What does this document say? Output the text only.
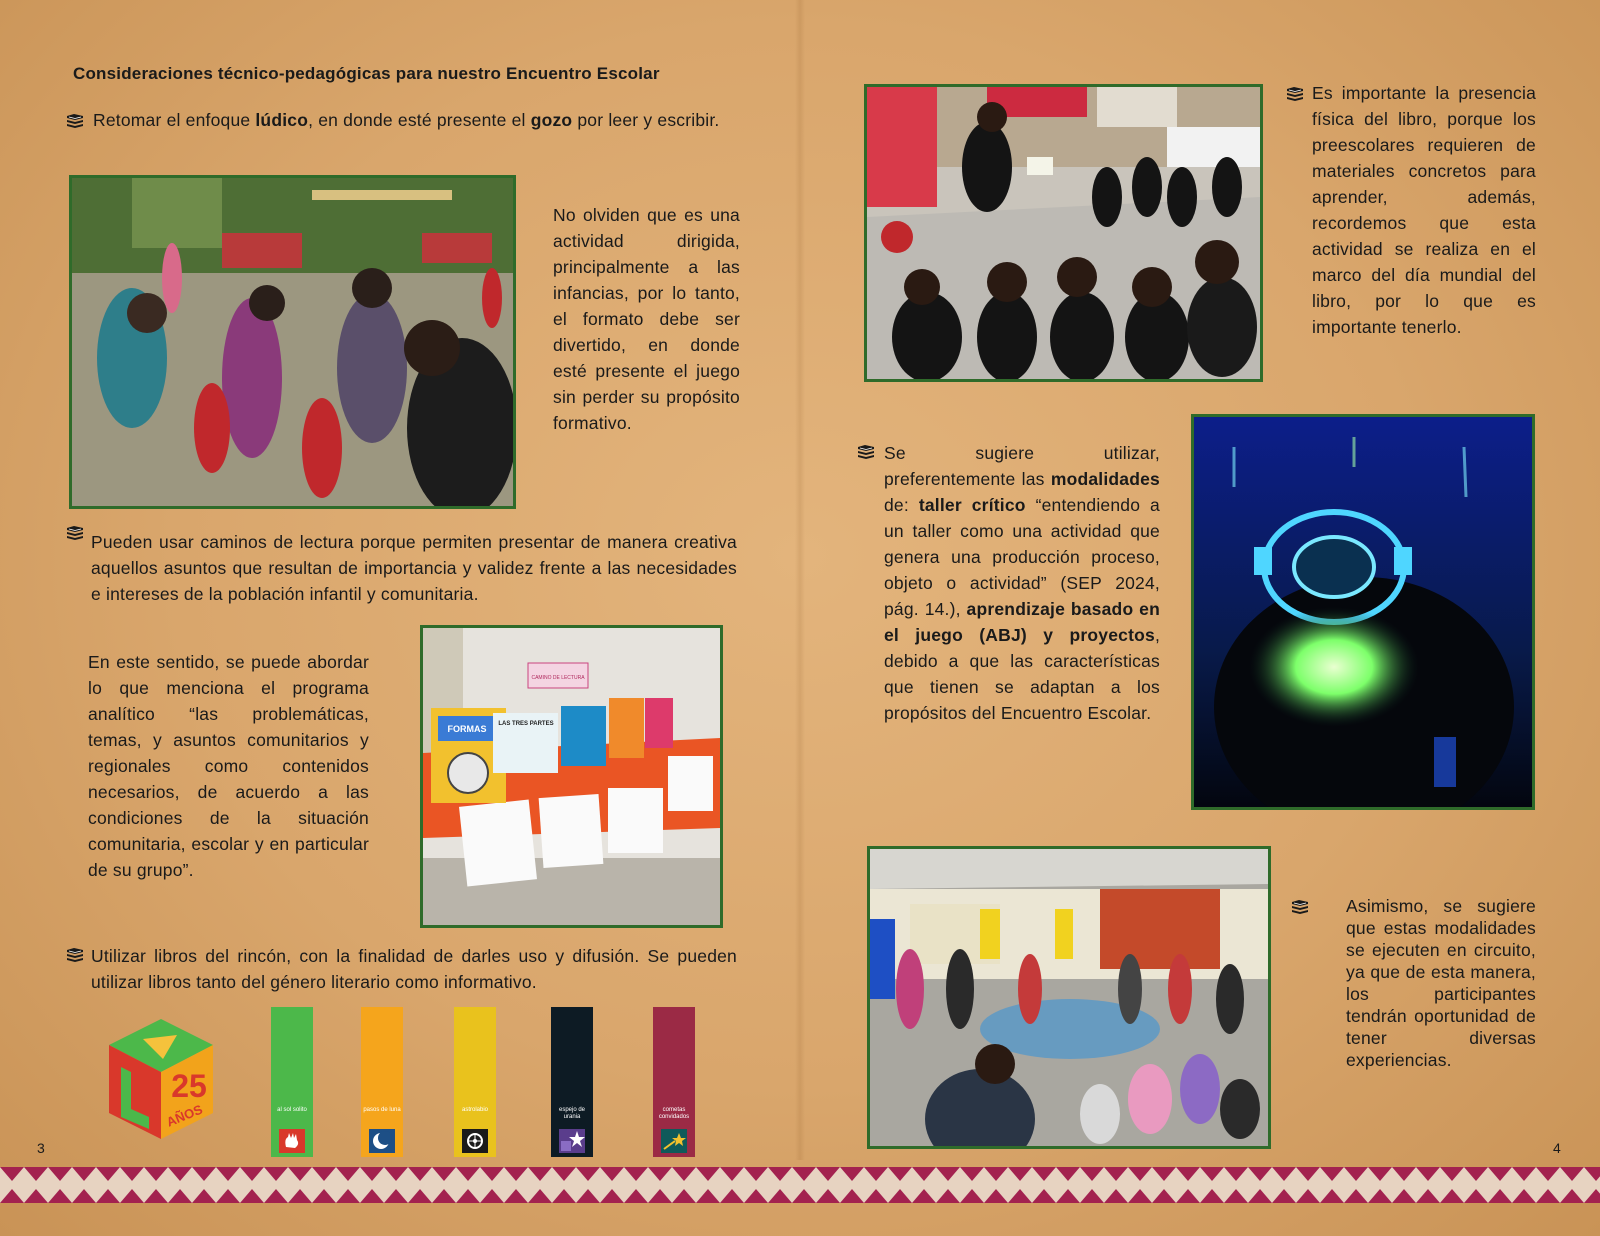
Consideraciones técnico-pedagógicas para nuestro Encuentro Escolar
Retomar el enfoque lúdico, en donde esté presente el gozo por leer y escribir.
No olviden que es una actividad dirigida, principalmente a las infancias, por lo tanto, el formato debe ser divertido, en donde esté presente el juego sin perder su propósito formativo.
Pueden usar caminos de lectura porque permiten presentar de manera creativa aquellos asuntos que resultan de importancia y validez frente a las necesidades e intereses de la población infantil y comunitaria.
En este sentido, se puede abordar lo que menciona el programa analítico “las problemáticas, temas, y asuntos comunitarios y regionales como contenidos necesarios, de acuerdo a las condiciones de la situación comunitaria, escolar y en particular de su grupo”.
CAMINO DE LECTURA
LAS TRES PARTES
FORMAS
Utilizar libros del rincón, con la finalidad de darles uso y difusión. Se pueden utilizar libros tanto del género literario como informativo.
25
AÑOS	al sol solito	pasos de luna	astrolabio	espejo de urania
cometas convidados
3
Es importante la presencia física del libro, porque los preescolares requieren de materiales concretos para aprender, además, recordemos que esta actividad se realiza en el marco del día mundial del libro, por lo que es importante tenerlo.
Se sugiere utilizar, preferentemente las modalidades de: taller crítico “entendiendo a un taller como una actividad que genera una producción proceso, objeto o actividad” (SEP 2024, pág. 14.), aprendizaje basado en el juego (ABJ) y proyectos, debido a que las características que tienen se adaptan a los propósitos del Encuentro Escolar.
Asimismo, se sugiere que estas modalidades se ejecuten en circuito, ya que de esta manera, los participantes tendrán oportunidad de tener diversas experiencias.
4
